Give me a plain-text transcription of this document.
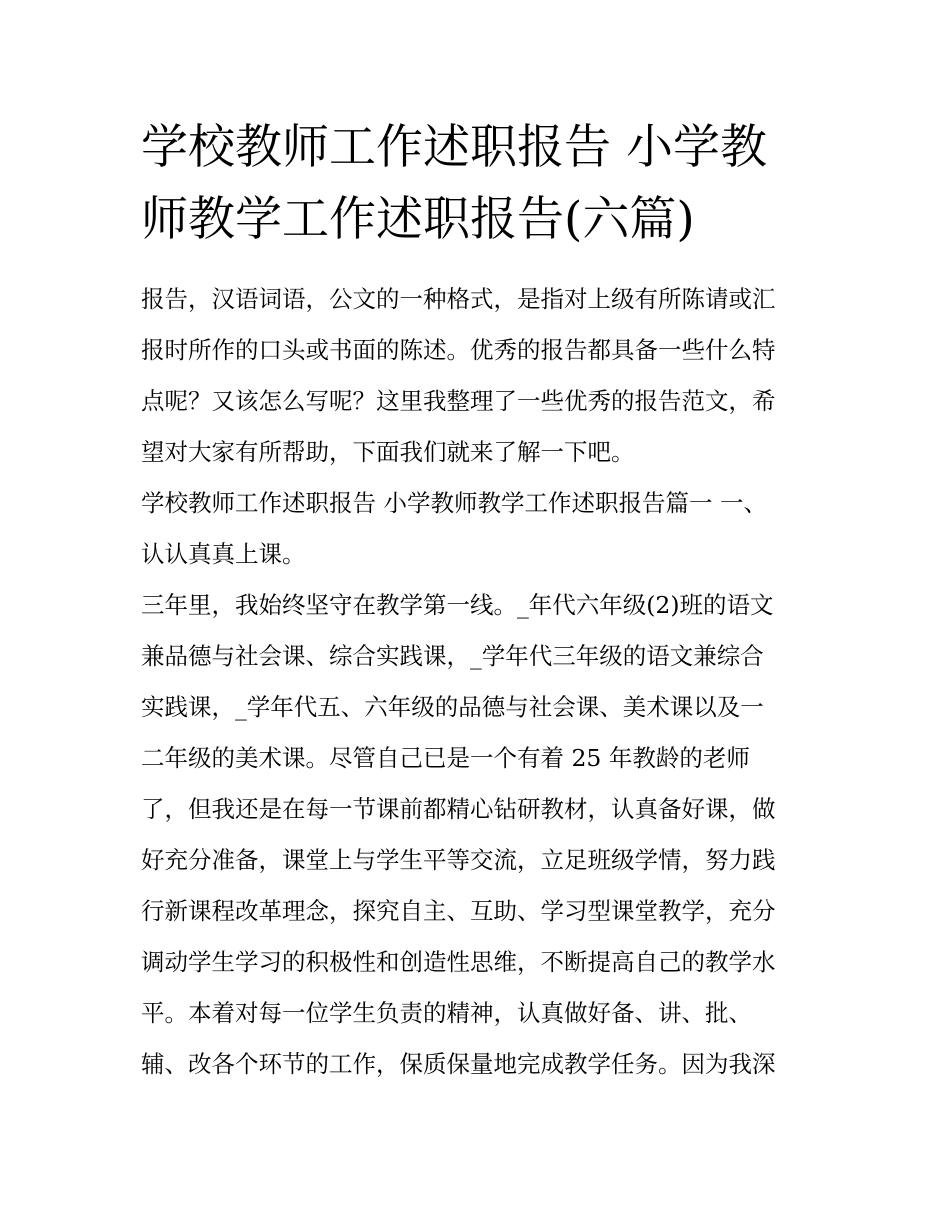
学校教师工作述职报告 小学教
师教学工作述职报告(六篇)

报告，汉语词语，公文的一种格式，是指对上级有所陈请或汇
报时所作的口头或书面的陈述。优秀的报告都具备一些什么特
点呢？又该怎么写呢？这里我整理了一些优秀的报告范文，希
望对大家有所帮助，下面我们就来了解一下吧。

学校教师工作述职报告 小学教师教学工作述职报告篇一 一、
认认真真上课。

三年里，我始终坚守在教学第一线。_年代六年级(2)班的语文
兼品德与社会课、综合实践课，_学年代三年级的语文兼综合
实践课，_学年代五、六年级的品德与社会课、美术课以及一
二年级的美术课。尽管自己已是一个有着 25 年教龄的老师
了，但我还是在每一节课前都精心钻研教材，认真备好课，做
好充分准备，课堂上与学生平等交流，立足班级学情，努力践
行新课程改革理念，探究自主、互助、学习型课堂教学，充分
调动学生学习的积极性和创造性思维，不断提高自己的教学水
平。本着对每一位学生负责的精神，认真做好备、讲、批、
辅、改各个环节的工作，保质保量地完成教学任务。因为我深
